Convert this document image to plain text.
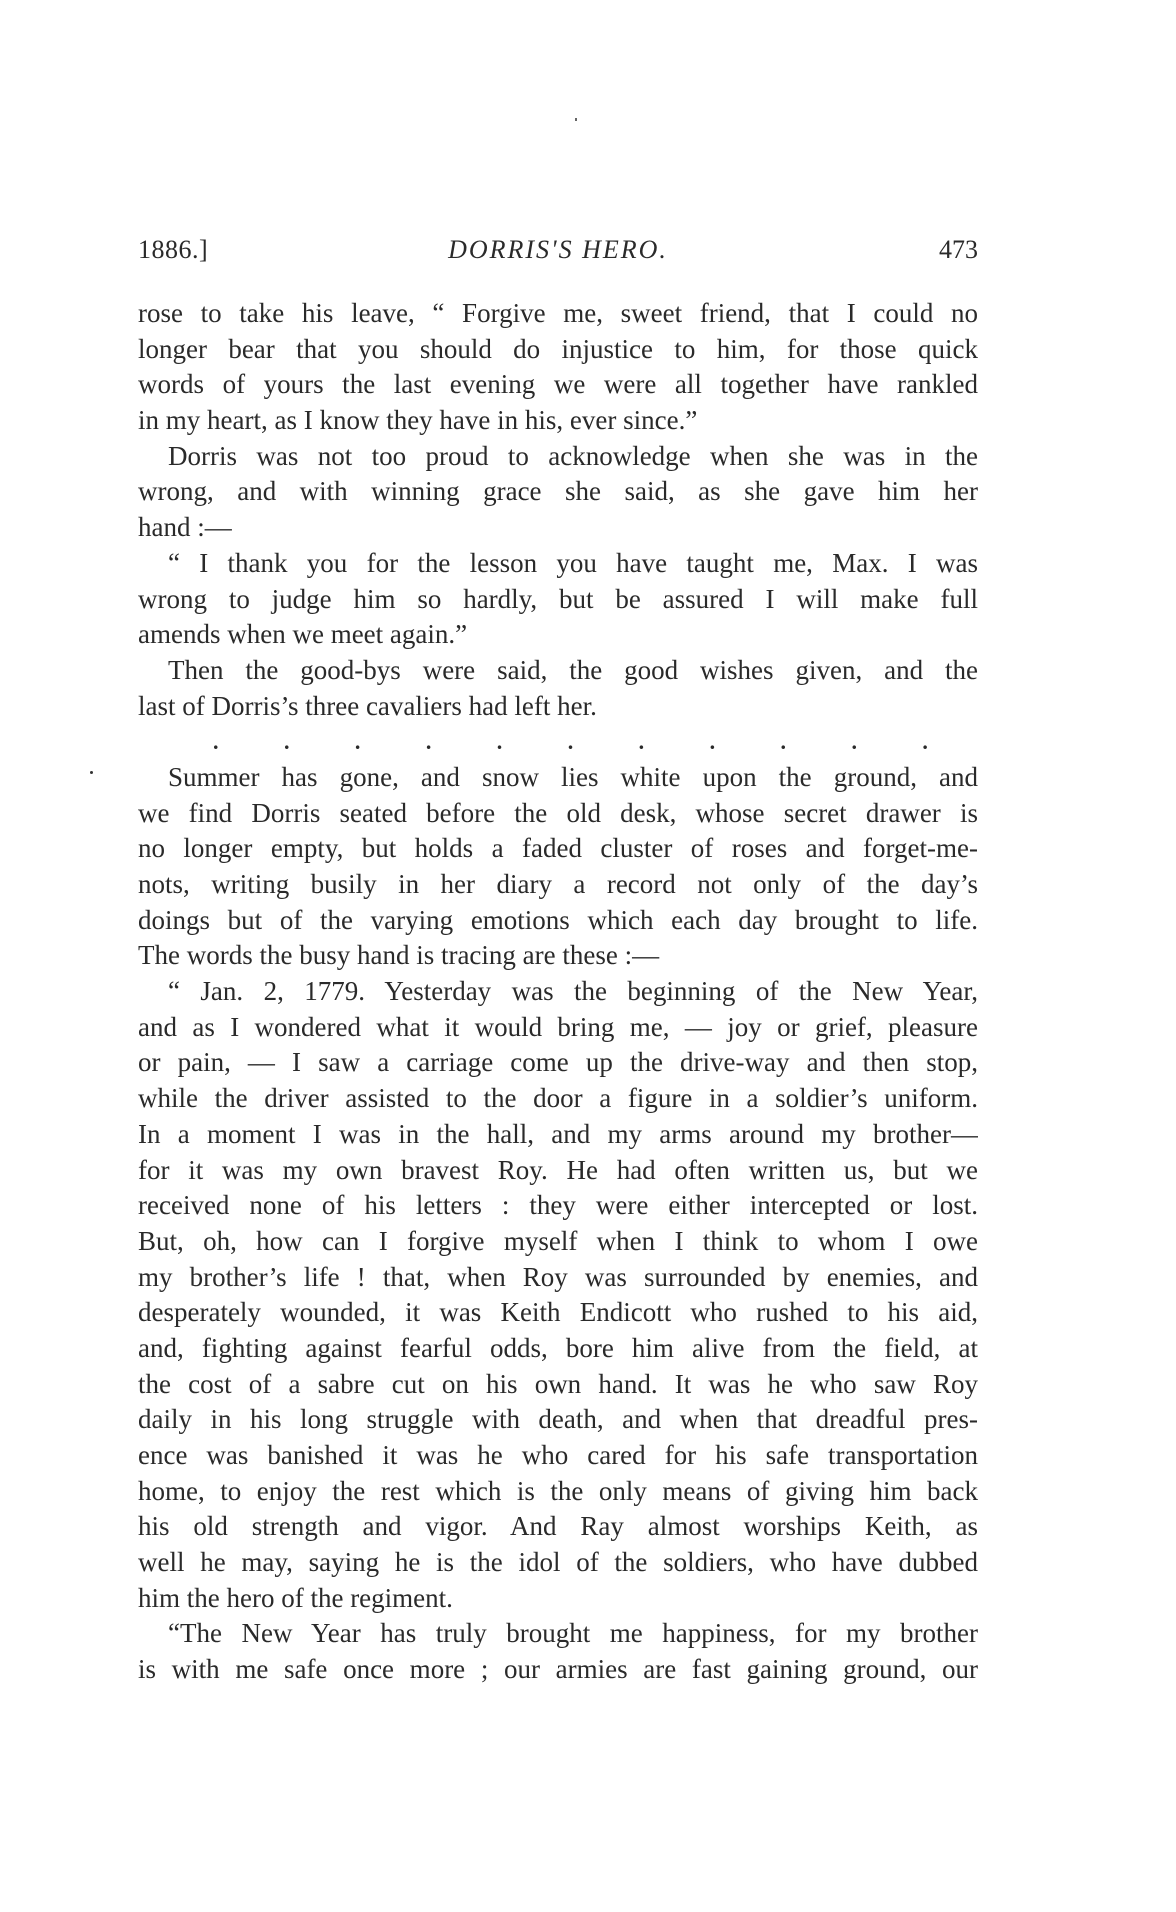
1886.]	DORRIS'S HERO.	473
rose to take his leave, “ Forgive me, sweet friend, that I could no
longer bear that you should do injustice to him, for those quick
words of yours the last evening we were all together have rankled
in my heart, as I know they have in his, ever since.”
Dorris was not too proud to acknowledge when she was in the
wrong, and with winning grace she said, as she gave him her
hand :—
“ I thank you for the lesson you have taught me, Max. I was
wrong to judge him so hardly, but be assured I will make full
amends when we meet again.”
Then the good-bys were said, the good wishes given, and the
last of Dorris’s three cavaliers had left her.
.	.	.	.	.	.	.	.	.	.	.
Summer has gone, and snow lies white upon the ground, and
we find Dorris seated before the old desk, whose secret drawer is
no longer empty, but holds a faded cluster of roses and forget-me-
nots, writing busily in her diary a record not only of the day’s
doings but of the varying emotions which each day brought to life.
The words the busy hand is tracing are these :—
“ Jan. 2, 1779. Yesterday was the beginning of the New Year,
and as I wondered what it would bring me, — joy or grief, pleasure
or pain, — I saw a carriage come up the drive-way and then stop,
while the driver assisted to the door a figure in a soldier’s uniform.
In a moment I was in the hall, and my arms around my brother—
for it was my own bravest Roy. He had often written us, but we
received none of his letters : they were either intercepted or lost.
But, oh, how can I forgive myself when I think to whom I owe
my brother’s life ! that, when Roy was surrounded by enemies, and
desperately wounded, it was Keith Endicott who rushed to his aid,
and, fighting against fearful odds, bore him alive from the field, at
the cost of a sabre cut on his own hand. It was he who saw Roy
daily in his long struggle with death, and when that dreadful pres-
ence was banished it was he who cared for his safe transportation
home, to enjoy the rest which is the only means of giving him back
his old strength and vigor. And Ray almost worships Keith, as
well he may, saying he is the idol of the soldiers, who have dubbed
him the hero of the regiment.
“The New Year has truly brought me happiness, for my brother
is with me safe once more ; our armies are fast gaining ground, our
